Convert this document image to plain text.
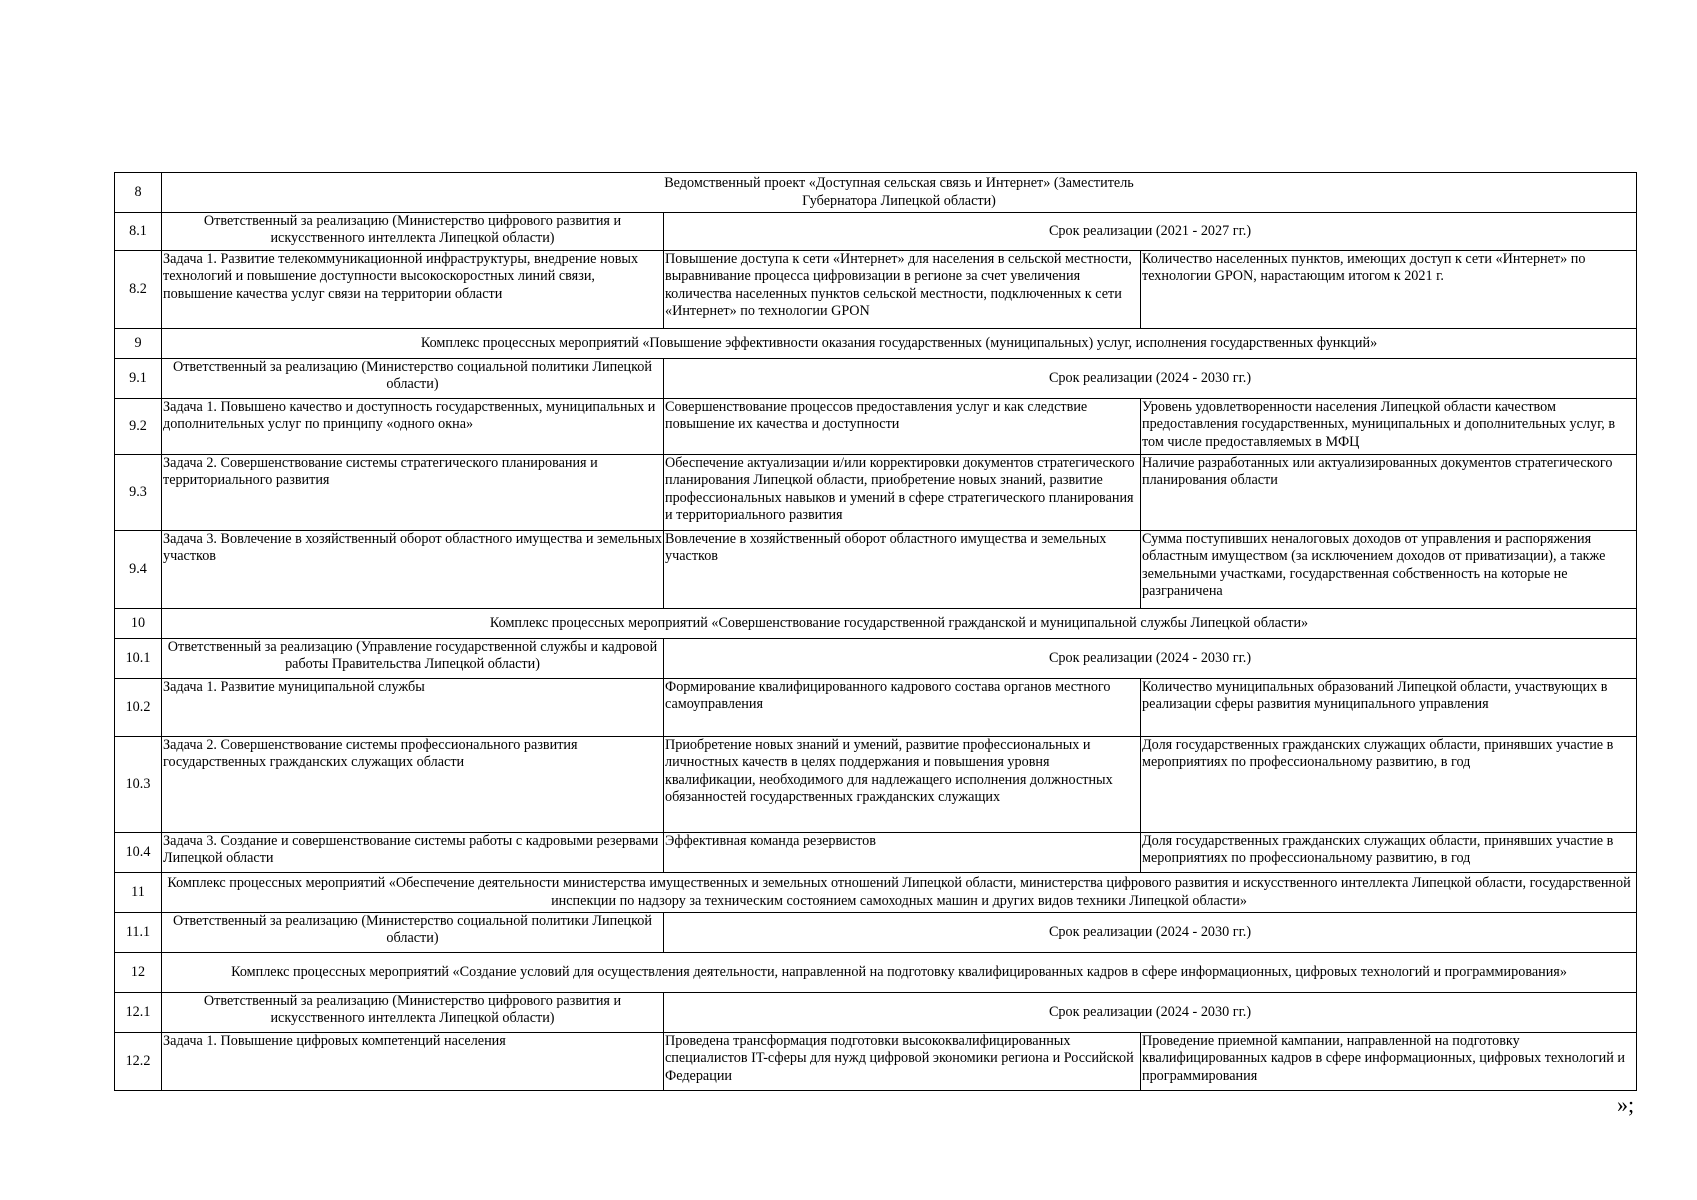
8	Ведомственный проект «Доступная сельская связь и Интернет» (Заместитель
Губернатора Липецкой области)		
8.1	Ответственный за реализацию (Министерство цифрового развития и искусственного интеллекта Липецкой области)	Срок реализации (2021 - 2027 гг.)	
8.2	Задача 1. Развитие телекоммуникационной инфраструктуры, внедрение новых технологий и повышение доступности высокоскоростных линий связи, повышение качества услуг связи на территории области	Повышение доступа к сети «Интернет» для населения в сельской местности, выравнивание процесса цифровизации в регионе за счет увеличения количества населенных пунктов сельской местности, подключенных к сети «Интернет» по технологии GPON	Количество населенных пунктов, имеющих доступ к сети «Интернет» по технологии GPON, нарастающим итогом к 2021 г.
9	Комплекс процессных мероприятий «Повышение эффективности оказания государственных (муниципальных) услуг, исполнения государственных функций»		
9.1	Ответственный за реализацию (Министерство социальной политики Липецкой области)	Срок реализации (2024 - 2030 гг.)	
9.2	Задача 1. Повышено качество и доступность государственных, муниципальных и дополнительных услуг по принципу «одного окна»	Совершенствование процессов предоставления услуг и как следствие повышение их качества и доступности	Уровень удовлетворенности населения Липецкой области качеством предоставления государственных, муниципальных и дополнительных услуг, в том числе предоставляемых в МФЦ
9.3	Задача 2. Совершенствование системы стратегического планирования и территориального развития	Обеспечение актуализации и/или корректировки документов стратегического планирования Липецкой области, приобретение новых знаний, развитие профессиональных навыков и умений в сфере стратегического планирования и территориального развития	Наличие разработанных или актуализированных документов стратегического планирования области
9.4	Задача 3. Вовлечение в хозяйственный оборот областного имущества и земельных участков	Вовлечение в хозяйственный оборот областного имущества и земельных участков	Сумма поступивших неналоговых доходов от управления и распоряжения областным имуществом (за исключением доходов от приватизации), а также земельными участками, государственная собственность на которые не разграничена
10	Комплекс процессных мероприятий «Совершенствование государственной гражданской и муниципальной службы Липецкой области»		
10.1	Ответственный за реализацию (Управление государственной службы и кадровой работы Правительства Липецкой области)	Срок реализации (2024 - 2030 гг.)	
10.2	Задача 1. Развитие муниципальной службы	Формирование квалифицированного кадрового состава органов местного самоуправления	Количество муниципальных образований Липецкой области, участвующих в реализации сферы развития муниципального управления
10.3	Задача 2. Совершенствование системы профессионального развития государственных гражданских служащих области	Приобретение новых знаний и умений, развитие профессиональных и личностных качеств в целях поддержания и повышения уровня квалификации, необходимого для надлежащего исполнения должностных обязанностей государственных гражданских служащих	Доля государственных гражданских служащих области, принявших участие в мероприятиях по профессиональному развитию, в год
10.4	Задача 3. Создание и совершенствование системы работы с кадровыми резервами Липецкой области	Эффективная команда резервистов	Доля государственных гражданских служащих области, принявших участие в мероприятиях по профессиональному развитию, в год
11	Комплекс процессных мероприятий «Обеспечение деятельности министерства имущественных и земельных отношений Липецкой области, министерства цифрового развития и искусственного интеллекта Липецкой области, государственной инспекции по надзору за техническим состоянием самоходных машин и других видов техники Липецкой области»		
11.1	Ответственный за реализацию (Министерство социальной политики Липецкой области)	Срок реализации (2024 - 2030 гг.)	
12	Комплекс процессных мероприятий «Создание условий для осуществления деятельности, направленной на подготовку квалифицированных кадров в сфере информационных, цифровых технологий и программирования»		
12.1	Ответственный за реализацию (Министерство цифрового развития и искусственного интеллекта Липецкой области)	Срок реализации (2024 - 2030 гг.)	
12.2	Задача 1. Повышение цифровых компетенций населения	Проведена трансформация подготовки высококвалифицированных специалистов IT-сферы для нужд цифровой экономики региона и Российской Федерации	Проведение приемной кампании, направленной на подготовку квалифицированных кадров в сфере информационных, цифровых технологий и программирования
»;
